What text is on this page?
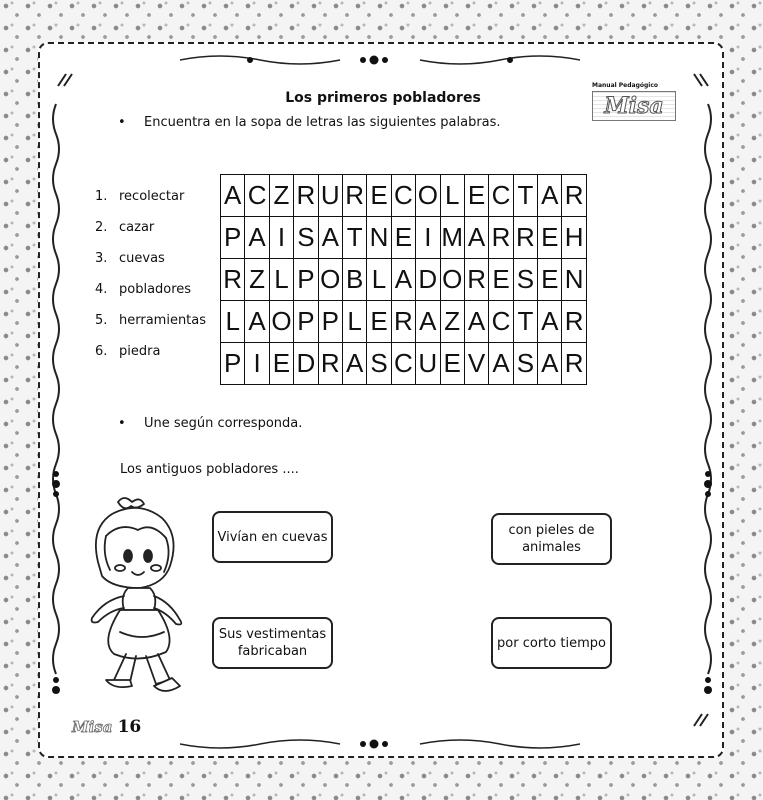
Los primeros pobladores
Manual Pedagógico
Misa
• Encuentra en la sopa de letras las siguientes palabras.
1. recolectar
2. cazar
3. cuevas
4. pobladores
5. herramientas
6. piedra
A	C	Z	R	U	R	E	C	O	L	E	C	T	A	R
P	A	I	S	A	T	N	E	I	M	A	R	R	E	H
R	Z	L	P	O	B	L	A	D	O	R	E	S	E	N
L	A	O	P	P	L	E	R	A	Z	A	C	T	A	R
P	I	E	D	R	A	S	C	U	E	V	A	S	A	R
• Une según corresponda.
Los antiguos pobladores ....
Vivían en cuevas
Sus vestimentas fabricaban
con pieles de animales
por corto tiempo
Misa 16
